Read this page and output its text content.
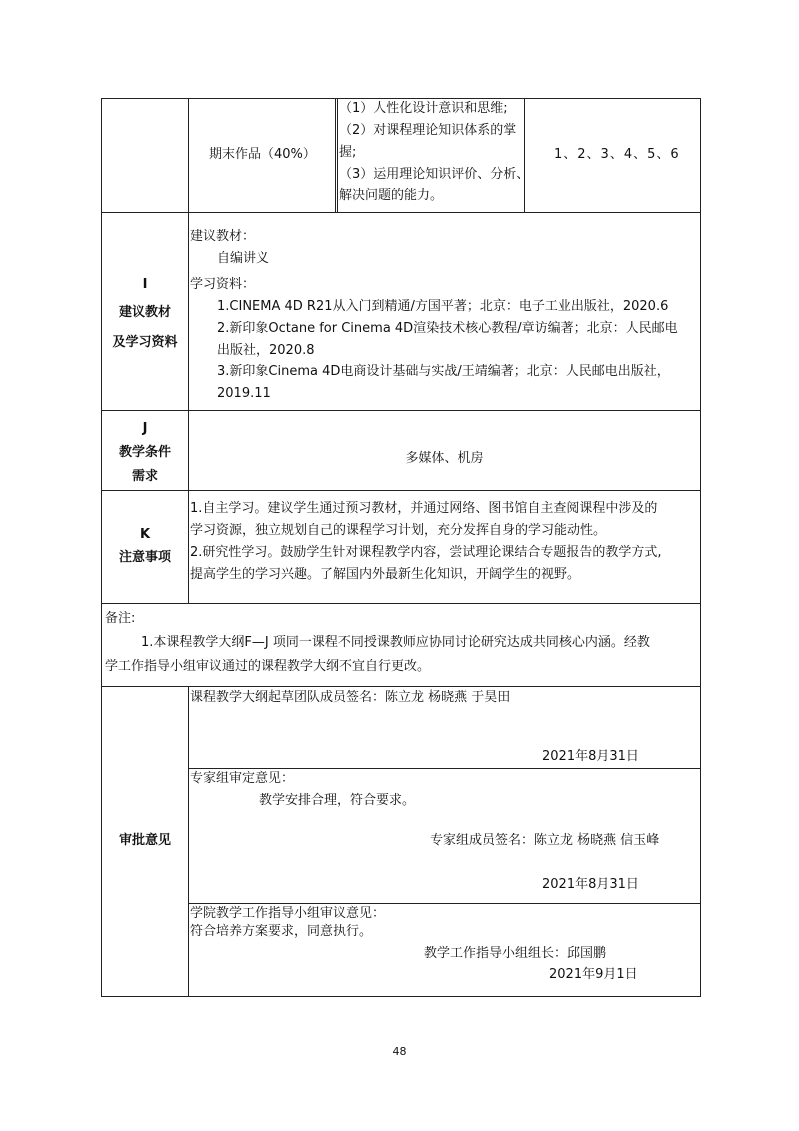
期末作品（40%）
（1）人性化设计意识和思维;
（2）对课程理论知识体系的掌
握;
（3）运用理论知识评价、分析、
解决问题的能力。
1、2、3、4、5、6
I
建议教材
及学习资料
建议教材：
自编讲义
学习资料：
1.CINEMA 4D R21从入门到精通/方国平著；北京：电子工业出版社，2020.6
2.新印象Octane for Cinema 4D渲染技术核心教程/章访编著；北京：人民邮电
出版社，2020.8
3.新印象Cinema 4D电商设计基础与实战/王靖编著；北京：人民邮电出版社，
2019.11
J
教学条件
需求
多媒体、机房
K
注意事项
1.自主学习。建议学生通过预习教材，并通过网络、图书馆自主查阅课程中涉及的
学习资源，独立规划自己的课程学习计划，充分发挥自身的学习能动性。
2.研究性学习。鼓励学生针对课程教学内容，尝试理论课结合专题报告的教学方式,
提高学生的学习兴趣。了解国内外最新生化知识，开阔学生的视野。
备注:
1.本课程教学大纲F—J 项同一课程不同授课教师应协同讨论研究达成共同核心内涵。经教
学工作指导小组审议通过的课程教学大纲不宜自行更改。
审批意见
课程教学大纲起草团队成员签名：陈立龙 杨晓燕 于昊田
2021年8月31日
专家组审定意见：
教学安排合理，符合要求。
专家组成员签名：陈立龙 杨晓燕 信玉峰
2021年8月31日
学院教学工作指导小组审议意见：
符合培养方案要求，同意执行。
教学工作指导小组组长：邱国鹏
2021年9月1日
48
